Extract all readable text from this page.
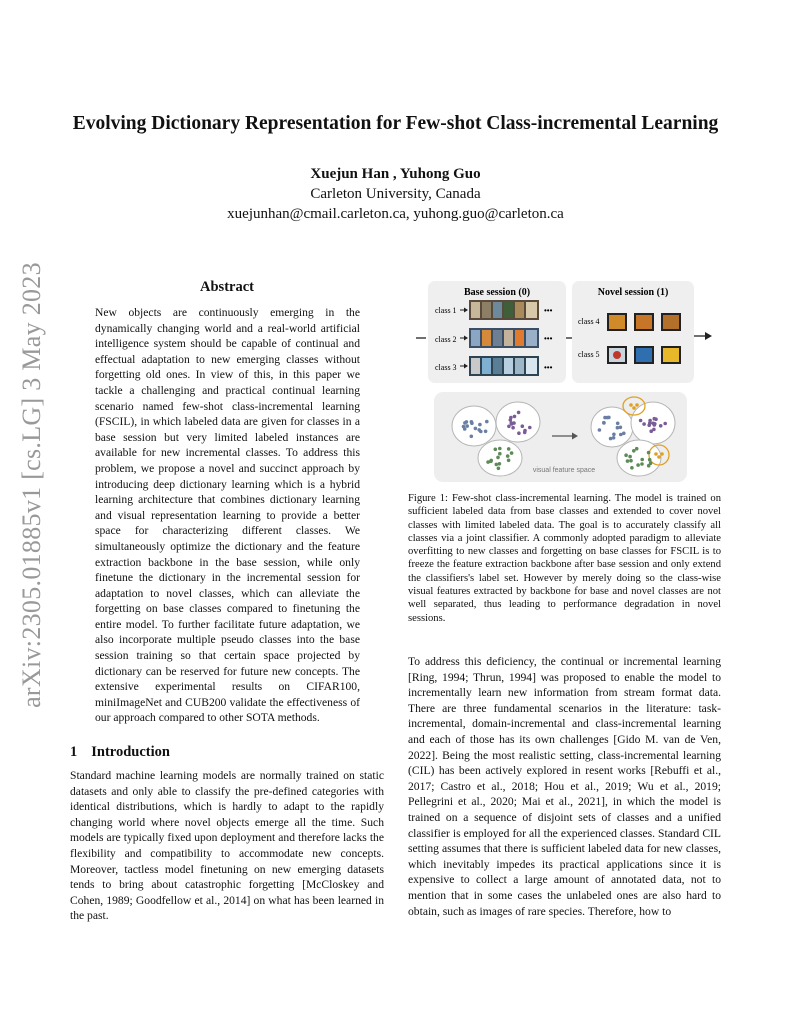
Evolving Dictionary Representation for Few-shot Class-incremental Learning
Xuejun Han , Yuhong Guo
Carleton University, Canada
xuejunhan@cmail.carleton.ca, yuhong.guo@carleton.ca
arXiv:2305.01885v1 [cs.LG] 3 May 2023	Abstract
New objects are continuously emerging in the dynamically changing world and a real-world artificial intelligence system should be capable of continual and effectual adaptation to new emerging classes without forgetting old ones. In view of this, in this paper we tackle a challenging and practical continual learning scenario named few-shot class-incremental learning (FSCIL), in which labeled data are given for classes in a base session but very limited labeled instances are available for new incremental classes. To address this problem, we propose a novel and succinct approach by introducing deep dictionary learning which is a hybrid learning architecture that combines dictionary learning and visual representation learning to provide a better space for characterizing different classes. We simultaneously optimize the dictionary and the feature extraction backbone in the base session, while only finetune the dictionary in the incremental session for adaptation to novel classes, which can alleviate the forgetting on base classes compared to finetuning the entire model. To further facilitate future adaptation, we also incorporate multiple pseudo classes into the base session training so that certain space projected by dictionary can be reserved for future new concepts. The extensive experimental results on CIFAR100, miniImageNet and CUB200 validate the effectiveness of our approach compared to other SOTA methods.
1 Introduction
Standard machine learning models are normally trained on static datasets and only able to classify the pre-defined categories with identical distributions, which is hardly to adapt to the rapidly changing world where novel objects emerge all the time. Such models are typically fixed upon deployment and therefore lacks the flexibility and compatibility to accommodate new concepts. Moreover, tactless model finetuning on new emerging datasets tends to bring about catastrophic forgetting [McCloskey and Cohen, 1989; Goodfellow et al., 2014] on what has been learned in the past.
Base session (0)	Novel session (1)
class 1	•••
class 2	•••
class 3	•••
class 4
class 5
visual feature space
Figure 1: Few-shot class-incremental learning. The model is trained on sufficient labeled data from base classes and extended to cover novel classes with limited labeled data. The goal is to accurately classify all classes via a joint classifier. A commonly adopted paradigm to alleviate overfitting to new classes and forgetting on base classes for FSCIL is to freeze the feature extraction backbone after base session and only extend the classifiers's label set. However by merely doing so the class-wise visual features extracted by backbone for base and novel classes are not well separated, thus leading to performance degradation in novel sessions.
To address this deficiency, the continual or incremental learning [Ring, 1994; Thrun, 1994] was proposed to enable the model to incrementally learn new information from stream format data. There are three fundamental scenarios in the literature: task-incremental, domain-incremental and class-incremental learning and each of those has its own challenges [Gido M. van de Ven, 2022]. Being the most realistic setting, class-incremental learning (CIL) has been actively explored in resent works [Rebuffi et al., 2017; Castro et al., 2018; Hou et al., 2019; Wu et al., 2019; Pellegrini et al., 2020; Mai et al., 2021], in which the model is trained on a sequence of disjoint sets of classes and a unified classifier is employed for all the experienced classes. Standard CIL setting assumes that there is sufficient labeled data for new classes, which inevitably impedes its practical applications since it is expensive to collect a large amount of annotated data, not to mention that in some cases the unlabeled ones are also hard to obtain, such as images of rare species. Therefore, how to
